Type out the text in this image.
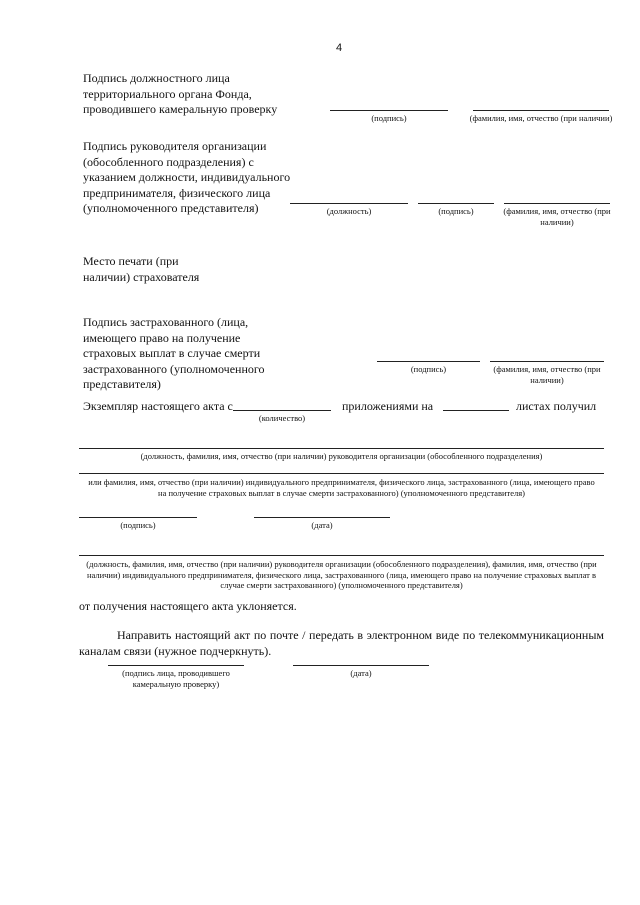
4
Подпись должностного лица территориального органа Фонда, проводившего камеральную проверку
(подпись)	(фамилия, имя, отчество (при наличии)
Подпись руководителя организации (обособленного подразделения) с указанием должности, индивидуального предпринимателя, физического лица (уполномоченного представителя)	(должность)	(подпись)	(фамилия, имя, отчество (при наличии)
Место печати (при наличии) страхователя
Подпись застрахованного (лица, имеющего право на получение страховых выплат в случае смерти застрахованного (уполномоченного представителя)
(подпись)	(фамилия, имя, отчество (при наличии)
Экземпляр настоящего акта с	приложениями на	листах получил
(количество)
(должность, фамилия, имя, отчество (при наличии) руководителя организации (обособленного подразделения)
или фамилия, имя, отчество (при наличии) индивидуального предпринимателя, физического лица, застрахованного (лица, имеющего право на получение страховых выплат в случае смерти застрахованного) (уполномоченного представителя)
(подпись)	(дата)
(должность, фамилия, имя, отчество (при наличии) руководителя организации (обособленного подразделения), фамилия, имя, отчество (при наличии) индивидуального предпринимателя, физического лица, застрахованного (лица, имеющего право на получение страховых выплат в случае смерти застрахованного) (уполномоченного представителя)
от получения настоящего акта уклоняется.
Направить настоящий акт по почте / передать в электронном виде по телекоммуникационным каналам связи (нужное подчеркнуть).
(подпись лица, проводившего камеральную проверку)
(дата)
